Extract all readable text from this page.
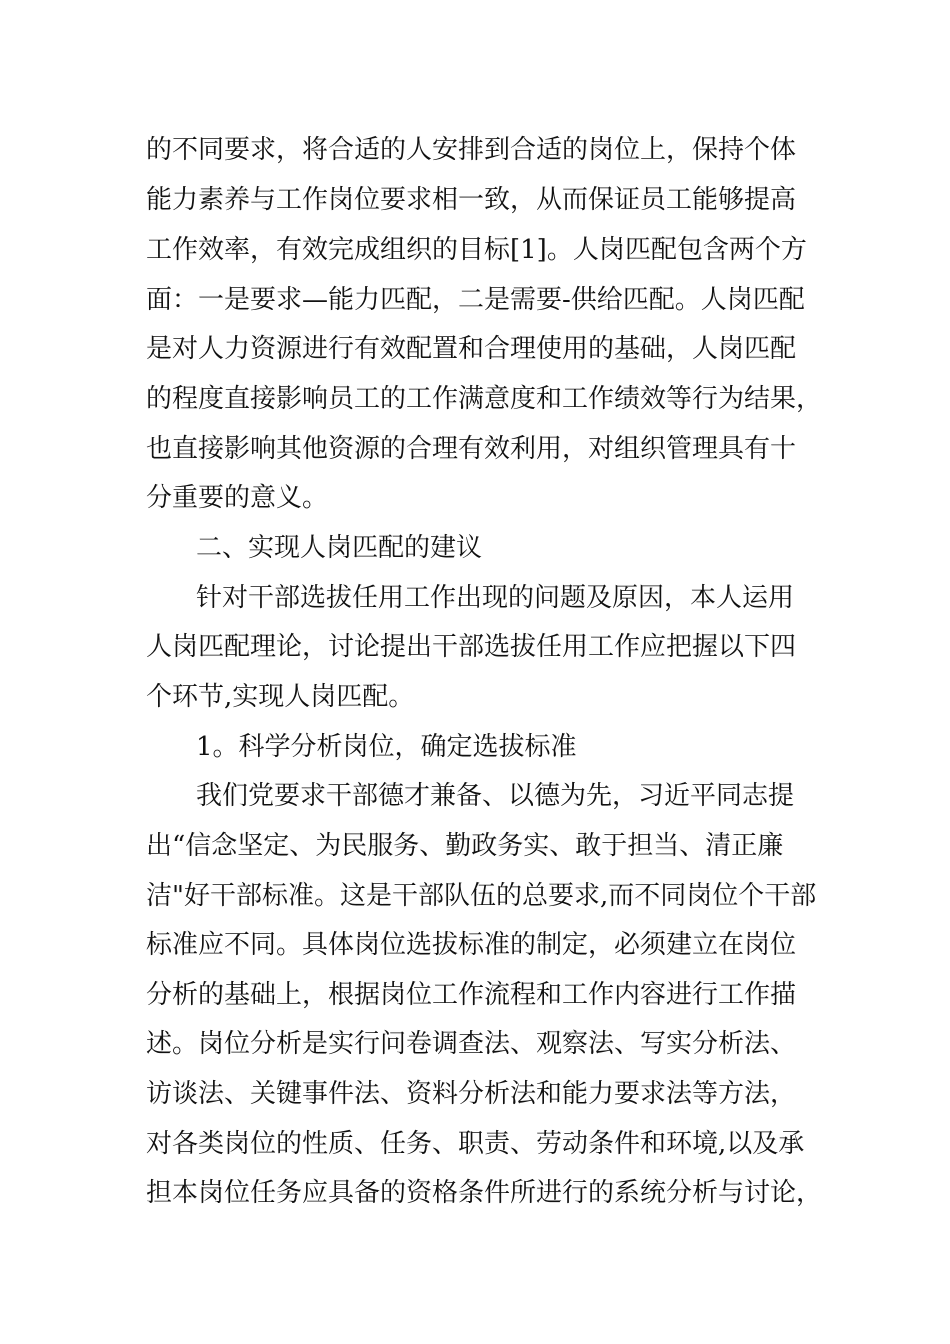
的不同要求，将合适的人安排到合适的岗位上，保持个体
能力素养与工作岗位要求相一致，从而保证员工能够提高
工作效率，有效完成组织的目标[1]。人岗匹配包含两个方
面：一是要求—能力匹配，二是需要-供给匹配。人岗匹配
是对人力资源进行有效配置和合理使用的基础，人岗匹配
的程度直接影响员工的工作满意度和工作绩效等行为结果，
也直接影响其他资源的合理有效利用，对组织管理具有十
分重要的意义。
二、实现人岗匹配的建议
针对干部选拔任用工作出现的问题及原因，本人运用
人岗匹配理论，讨论提出干部选拔任用工作应把握以下四
个环节,实现人岗匹配。
1。科学分析岗位，确定选拔标准
我们党要求干部德才兼备、以德为先，习近平同志提
出“信念坚定、为民服务、勤政务实、敢于担当、清正廉
洁"好干部标准。这是干部队伍的总要求,而不同岗位个干部
标准应不同。具体岗位选拔标准的制定，必须建立在岗位
分析的基础上，根据岗位工作流程和工作内容进行工作描
述。岗位分析是实行问卷调查法、观察法、写实分析法、
访谈法、关键事件法、资料分析法和能力要求法等方法，
对各类岗位的性质、任务、职责、劳动条件和环境,以及承
担本岗位任务应具备的资格条件所进行的系统分析与讨论，
